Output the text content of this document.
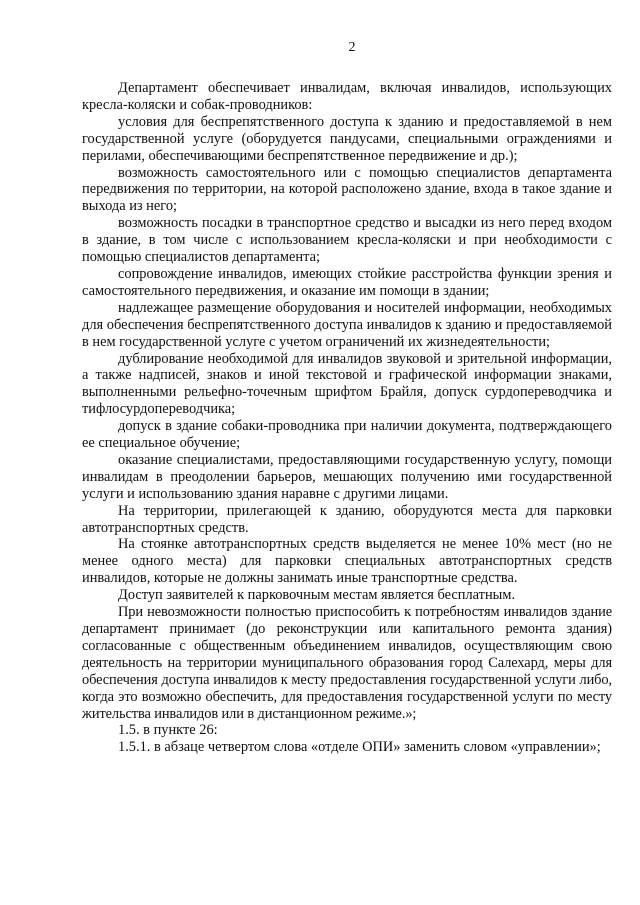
2

Департамент обеспечивает инвалидам, включая инвалидов, использующих кресла-коляски и собак-проводников:

условия для беспрепятственного доступа к зданию и предоставляемой в нем государственной услуге (оборудуется пандусами, специальными ограждениями и перилами, обеспечивающими беспрепятственное передвижение и др.);

возможность самостоятельного или с помощью специалистов департамента передвижения по территории, на которой расположено здание, входа в такое здание и выхода из него;

возможность посадки в транспортное средство и высадки из него перед входом в здание, в том числе с использованием кресла-коляски и при необходимости с помощью специалистов департамента;

сопровождение инвалидов, имеющих стойкие расстройства функции зрения и самостоятельного передвижения, и оказание им помощи в здании;

надлежащее размещение оборудования и носителей информации, необходимых для обеспечения беспрепятственного доступа инвалидов к зданию и предоставляемой в нем государственной услуге с учетом ограничений их жизнедеятельности;

дублирование необходимой для инвалидов звуковой и зрительной информации, а также надписей, знаков и иной текстовой и графической информации знаками, выполненными рельефно-точечным шрифтом Брайля, допуск сурдопереводчика и тифлосурдопереводчика;

допуск в здание собаки-проводника при наличии документа, подтверждающего ее специальное обучение;

оказание специалистами, предоставляющими государственную услугу, помощи инвалидам в преодолении барьеров, мешающих получению ими государственной услуги и использованию здания наравне с другими лицами.

На территории, прилегающей к зданию, оборудуются места для парковки автотранспортных средств.

На стоянке автотранспортных средств выделяется не менее 10% мест (но не менее одного места) для парковки специальных автотранспортных средств инвалидов, которые не должны занимать иные транспортные средства.

Доступ заявителей к парковочным местам является бесплатным.

При невозможности полностью приспособить к потребностям инвалидов здание департамент принимает (до реконструкции или капитального ремонта здания) согласованные с общественным объединением инвалидов, осуществляющим свою деятельность на территории муниципального образования город Салехард, меры для обеспечения доступа инвалидов к месту предоставления государственной услуги либо, когда это возможно обеспечить, для предоставления государственной услуги по месту жительства инвалидов или в дистанционном режиме.»;

1.5. в пункте 26:

1.5.1. в абзаце четвертом слова «отделе ОПИ» заменить словом «управлении»;
